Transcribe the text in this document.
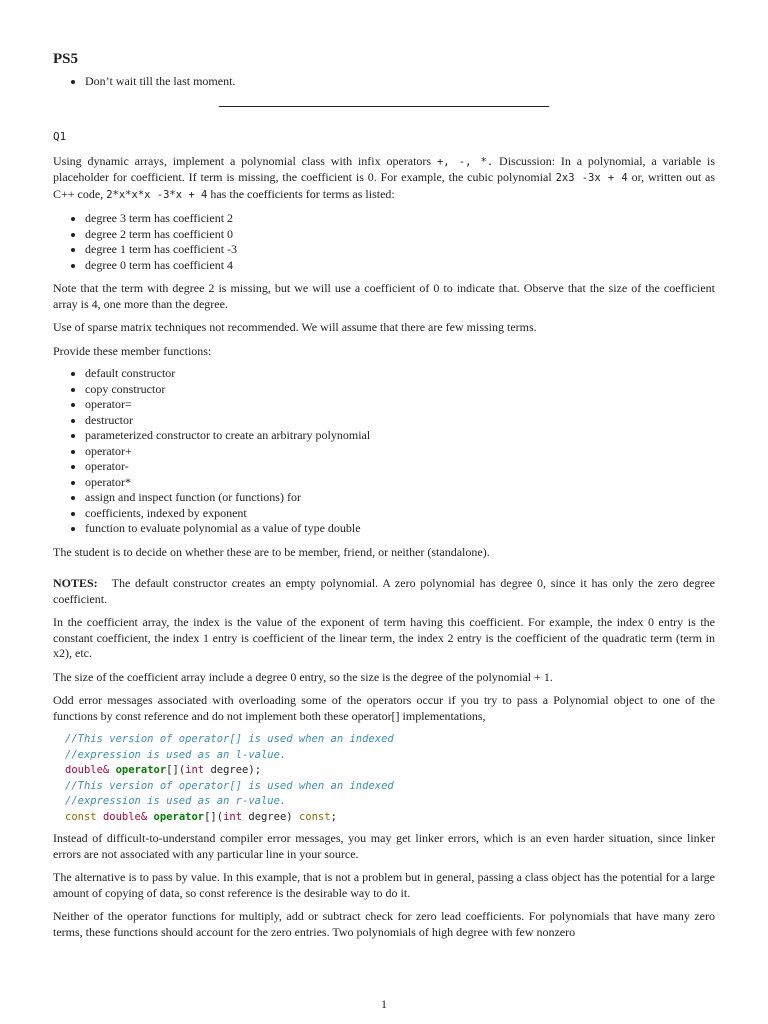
PS5
• Don’t wait till the last moment.
Q1

Using dynamic arrays, implement a polynomial class with infix operators +, -, *. Discussion: In a polynomial, a variable is placeholder for coefficient. If term is missing, the coefficient is 0. For example, the cubic polynomial 2x3 -3x + 4 or, written out as C++ code, 2*x*x*x -3*x + 4 has the coefficients for terms as listed:

• degree 3 term has coefficient 2
• degree 2 term has coefficient 0
• degree 1 term has coefficient -3
• degree 0 term has coefficient 4

Note that the term with degree 2 is missing, but we will use a coefficient of 0 to indicate that. Observe that the size of the coefficient array is 4, one more than the degree.

Use of sparse matrix techniques not recommended. We will assume that there are few missing terms.

Provide these member functions:

• default constructor
• copy constructor
• operator=
• destructor
• parameterized constructor to create an arbitrary polynomial
• operator+
• operator-
• operator*
• assign and inspect function (or functions) for
• coefficients, indexed by exponent
• function to evaluate polynomial as a value of type double

The student is to decide on whether these are to be member, friend, or neither (standalone).

NOTES: The default constructor creates an empty polynomial. A zero polynomial has degree 0, since it has only the zero degree coefficient.

In the coefficient array, the index is the value of the exponent of term having this coefficient. For example, the index 0 entry is the constant coefficient, the index 1 entry is coefficient of the linear term, the index 2 entry is the coefficient of the quadratic term (term in x2), etc.

The size of the coefficient array include a degree 0 entry, so the size is the degree of the polynomial + 1.

Odd error messages associated with overloading some of the operators occur if you try to pass a Polynomial object to one of the functions by const reference and do not implement both these operator[] implementations,

//This version of operator[] is used when an indexed
//expression is used as an l-value.
double& operator[](int degree);
//This version of operator[] is used when an indexed
//expression is used as an r-value.
const double& operator[](int degree) const;

Instead of difficult-to-understand compiler error messages, you may get linker errors, which is an even harder situation, since linker errors are not associated with any particular line in your source.

The alternative is to pass by value. In this example, that is not a problem but in general, passing a class object has the potential for a large amount of copying of data, so const reference is the desirable way to do it.

Neither of the operator functions for multiply, add or subtract check for zero lead coefficients. For polynomials that have many zero terms, these functions should account for the zero entries. Two polynomials of high degree with few nonzero

1
